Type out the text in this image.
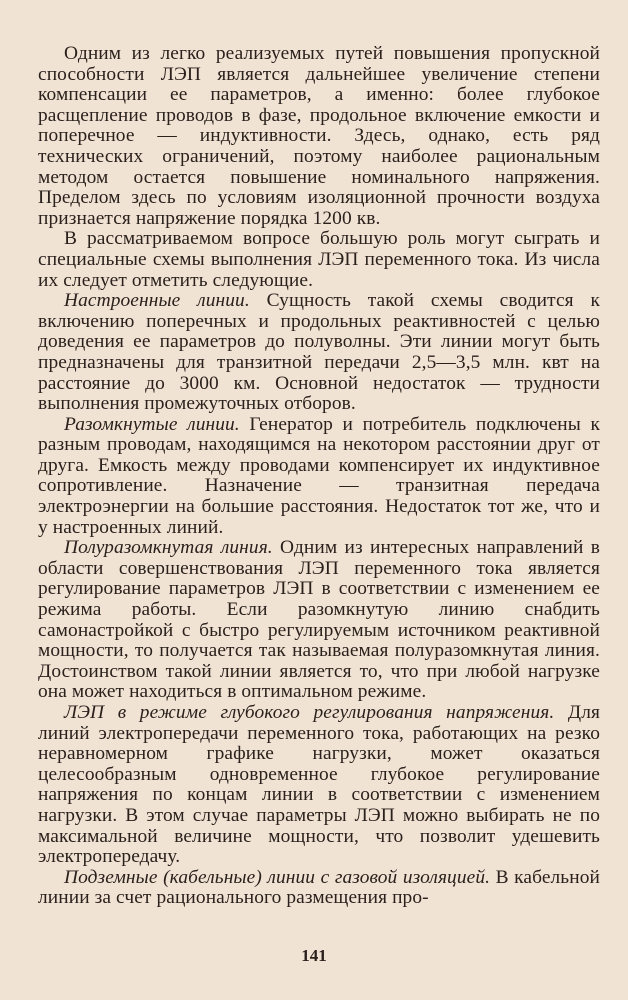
Одним из легко реализуемых путей повышения пропускной способности ЛЭП является дальнейшее увеличение степени компенсации ее параметров, а именно: более глубокое расщепление проводов в фазе, продольное включение емкости и поперечное — индуктивности. Здесь, однако, есть ряд технических ограничений, поэтому наиболее рациональным методом остается повышение номинального напряжения. Пределом здесь по условиям изоляционной прочности воздуха признается напряжение порядка 1200 кв.

В рассматриваемом вопросе большую роль могут сыграть и специальные схемы выполнения ЛЭП переменного тока. Из числа их следует отметить следующие.

Настроенные линии. Сущность такой схемы сводится к включению поперечных и продольных реактивностей с целью доведения ее параметров до полуволны. Эти линии могут быть предназначены для транзитной передачи 2,5—3,5 млн. квт на расстояние до 3000 км. Основной недостаток — трудности выполнения промежуточных отборов.

Разомкнутые линии. Генератор и потребитель подключены к разным проводам, находящимся на некотором расстоянии друг от друга. Емкость между проводами компенсирует их индуктивное сопротивление. Назначение — транзитная передача электроэнергии на большие расстояния. Недостаток тот же, что и у настроенных линий.

Полуразомкнутая линия. Одним из интересных направлений в области совершенствования ЛЭП переменного тока является регулирование параметров ЛЭП в соответствии с изменением ее режима работы. Если разомкнутую линию снабдить самонастройкой с быстро регулируемым источником реактивной мощности, то получается так называемая полуразомкнутая линия. Достоинством такой линии является то, что при любой нагрузке она может находиться в оптимальном режиме.

ЛЭП в режиме глубокого регулирования напряжения. Для линий электропередачи переменного тока, работающих на резко неравномерном графике нагрузки, может оказаться целесообразным одновременное глубокое регулирование напряжения по концам линии в соответствии с изменением нагрузки. В этом случае параметры ЛЭП можно выбирать не по максимальной величине мощности, что позволит удешевить электропередачу.

Подземные (кабельные) линии с газовой изоляцией. В кабельной линии за счет рационального размещения про-

141
